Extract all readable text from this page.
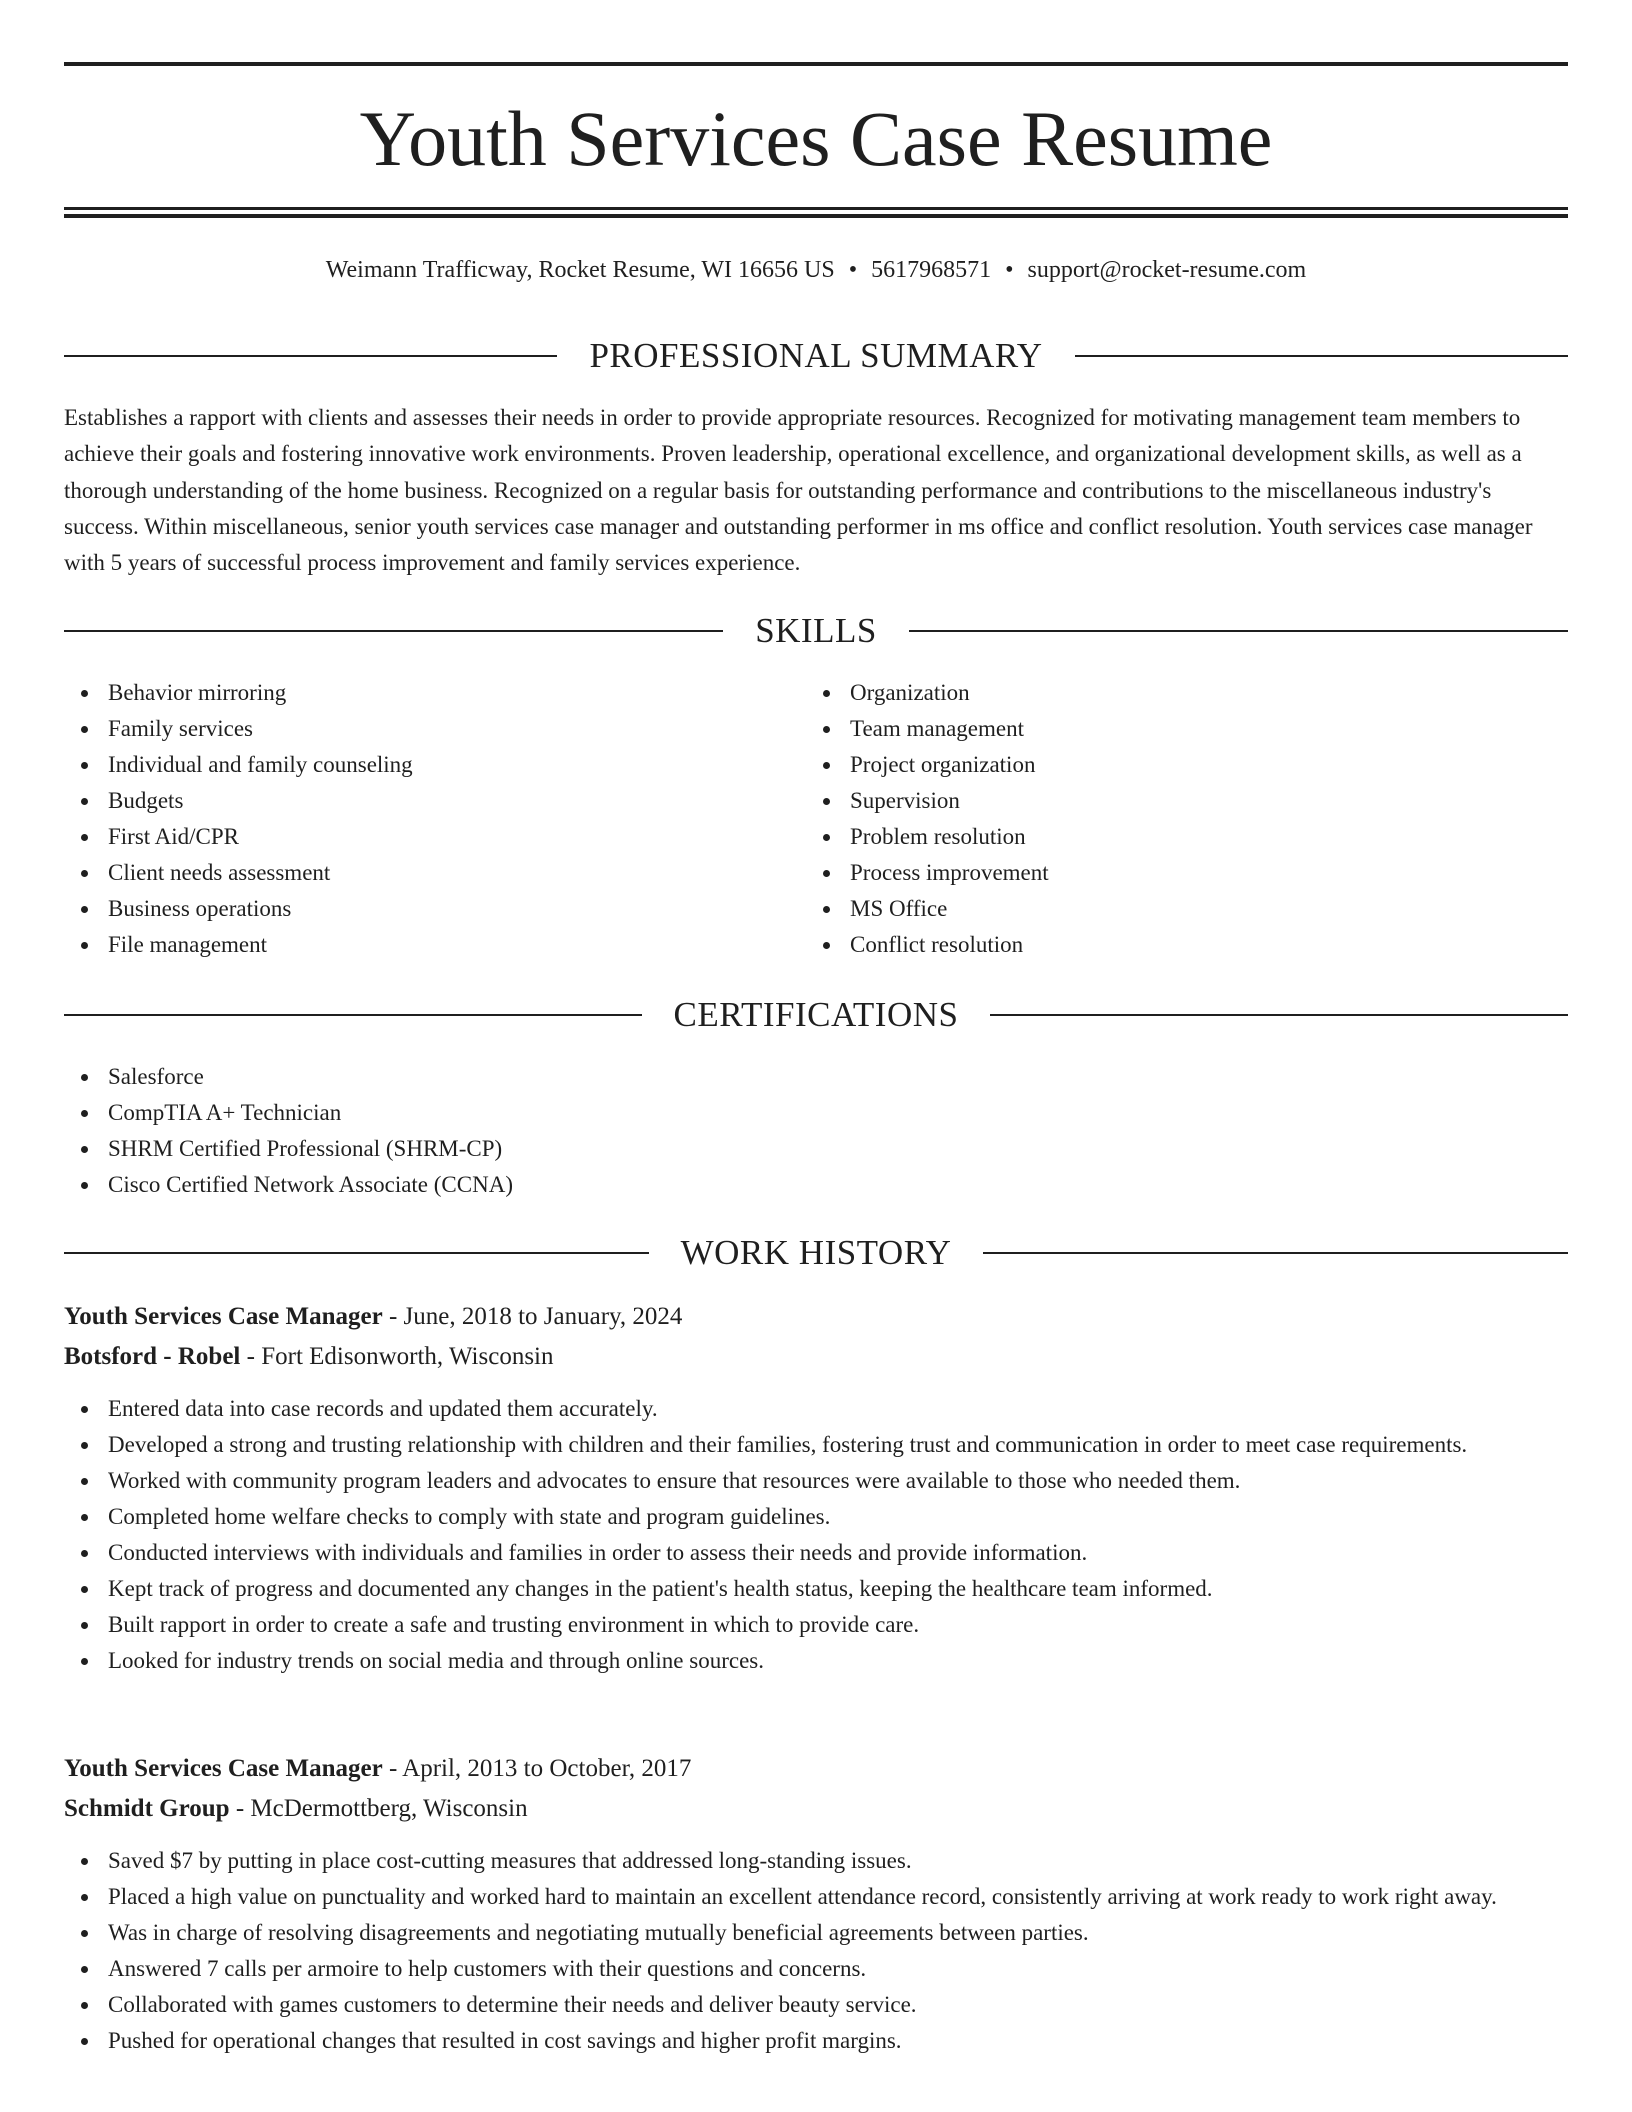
Youth Services Case Resume
Weimann Trafficway, Rocket Resume, WI 16656 US • 5617968571 • support@rocket-resume.com
PROFESSIONAL SUMMARY

Establishes a rapport with clients and assesses their needs in order to provide appropriate resources. Recognized for motivating management team members to achieve their goals and fostering innovative work environments. Proven leadership, operational excellence, and organizational development skills, as well as a thorough understanding of the home business. Recognized on a regular basis for outstanding performance and contributions to the miscellaneous industry's success. Within miscellaneous, senior youth services case manager and outstanding performer in ms office and conflict resolution. Youth services case manager with 5 years of successful process improvement and family services experience.

SKILLS
Behavior mirroring
Family services
Individual and family counseling
Budgets
First Aid/CPR
Client needs assessment
Business operations
File management
Organization
Team management
Project organization
Supervision
Problem resolution
Process improvement
MS Office
Conflict resolution
CERTIFICATIONS
Salesforce
CompTIA A+ Technician
SHRM Certified Professional (SHRM-CP)
Cisco Certified Network Associate (CCNA)
WORK HISTORY
Youth Services Case Manager - June, 2018 to January, 2024
Botsford - Robel - Fort Edisonworth, Wisconsin
Entered data into case records and updated them accurately.
Developed a strong and trusting relationship with children and their families, fostering trust and communication in order to meet case requirements.
Worked with community program leaders and advocates to ensure that resources were available to those who needed them.
Completed home welfare checks to comply with state and program guidelines.
Conducted interviews with individuals and families in order to assess their needs and provide information.
Kept track of progress and documented any changes in the patient's health status, keeping the healthcare team informed.
Built rapport in order to create a safe and trusting environment in which to provide care.
Looked for industry trends on social media and through online sources.
Youth Services Case Manager - April, 2013 to October, 2017
Schmidt Group - McDermottberg, Wisconsin
Saved $7 by putting in place cost-cutting measures that addressed long-standing issues.
Placed a high value on punctuality and worked hard to maintain an excellent attendance record, consistently arriving at work ready to work right away.
Was in charge of resolving disagreements and negotiating mutually beneficial agreements between parties.
Answered 7 calls per armoire to help customers with their questions and concerns.
Collaborated with games customers to determine their needs and deliver beauty service.
Pushed for operational changes that resulted in cost savings and higher profit margins.
